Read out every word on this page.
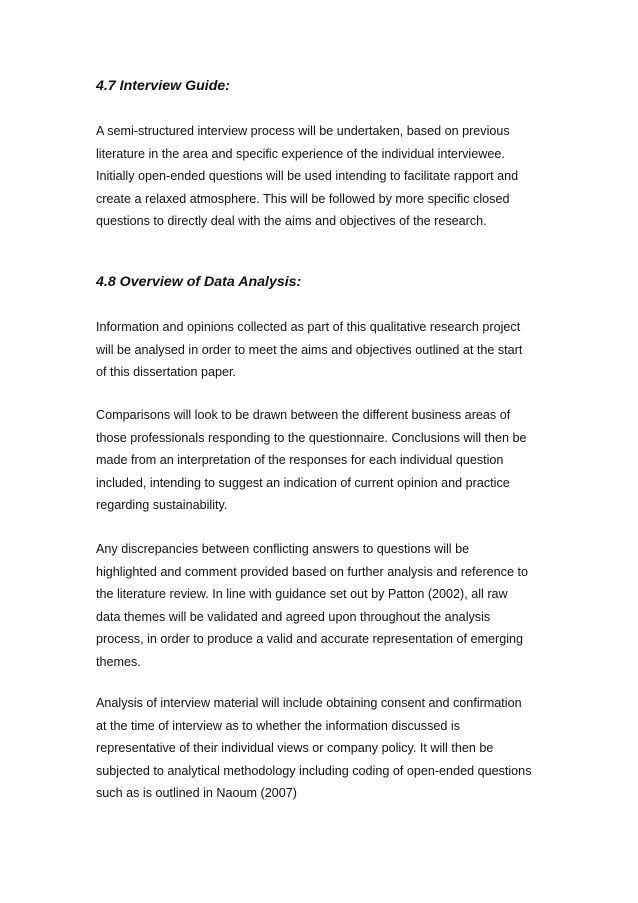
4.7 Interview Guide:
A semi-structured interview process will be undertaken, based on previous
literature in the area and specific experience of the individual interviewee.
Initially open-ended questions will be used intending to facilitate rapport and
create a relaxed atmosphere. This will be followed by more specific closed
questions to directly deal with the aims and objectives of the research.
4.8 Overview of Data Analysis:
Information and opinions collected as part of this qualitative research project
will be analysed in order to meet the aims and objectives outlined at the start
of this dissertation paper.
Comparisons will look to be drawn between the different business areas of
those professionals responding to the questionnaire. Conclusions will then be
made from an interpretation of the responses for each individual question
included, intending to suggest an indication of current opinion and practice
regarding sustainability.
Any discrepancies between conflicting answers to questions will be
highlighted and comment provided based on further analysis and reference to
the literature review. In line with guidance set out by Patton (2002), all raw
data themes will be validated and agreed upon throughout the analysis
process, in order to produce a valid and accurate representation of emerging
themes.
Analysis of interview material will include obtaining consent and confirmation
at the time of interview as to whether the information discussed is
representative of their individual views or company policy. It will then be
subjected to analytical methodology including coding of open-ended questions
such as is outlined in Naoum (2007)
